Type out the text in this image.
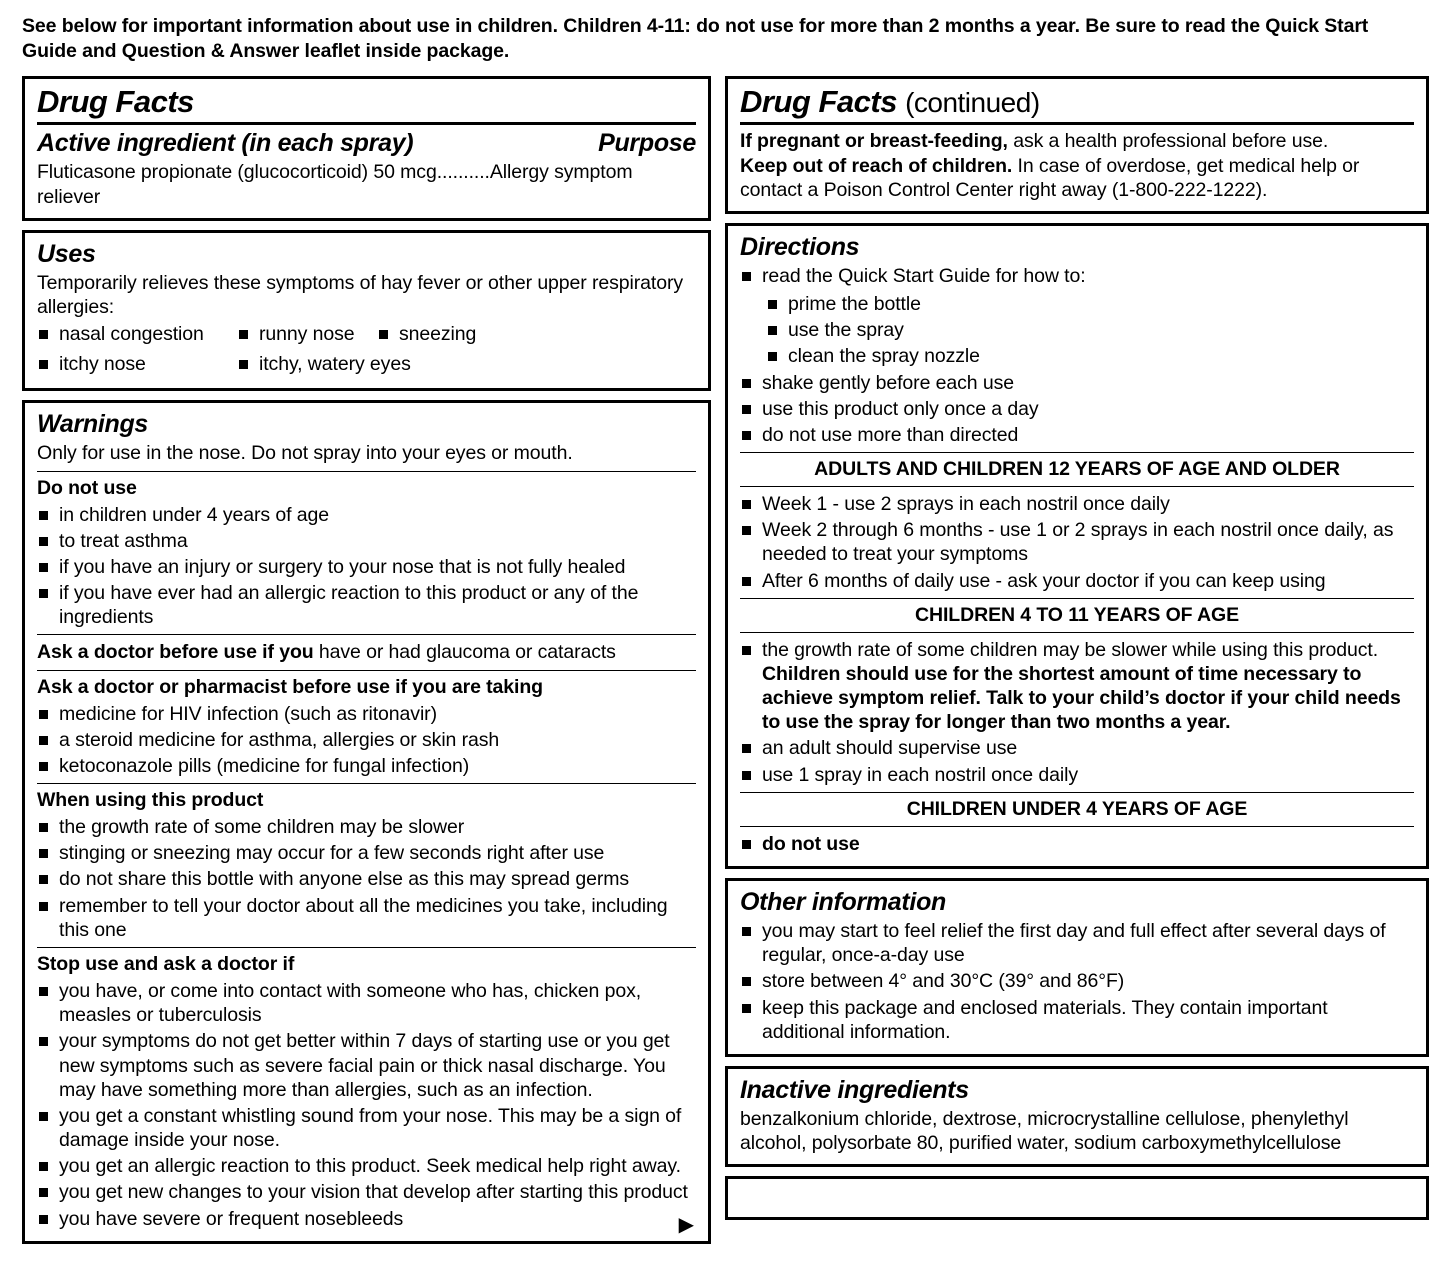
See below for important information about use in children. Children 4-11: do not use for more than 2 months a year. Be sure to read the Quick Start Guide and Question & Answer leaflet inside package.
Drug Facts
Active ingredient (in each spray)	Purpose
Fluticasone propionate (glucocorticoid) 50 mcg..........Allergy symptom reliever
Uses
Temporarily relieves these symptoms of hay fever or other upper respiratory allergies:
nasal congestion	runny nose	sneezing
itchy nose	itchy, watery eyes
Warnings
Only for use in the nose. Do not spray into your eyes or mouth.
Do not use
in children under 4 years of age
to treat asthma
if you have an injury or surgery to your nose that is not fully healed
if you have ever had an allergic reaction to this product or any of the ingredients
Ask a doctor before use if you have or had glaucoma or cataracts
Ask a doctor or pharmacist before use if you are taking
medicine for HIV infection (such as ritonavir)
a steroid medicine for asthma, allergies or skin rash
ketoconazole pills (medicine for fungal infection)
When using this product
the growth rate of some children may be slower
stinging or sneezing may occur for a few seconds right after use
do not share this bottle with anyone else as this may spread germs
remember to tell your doctor about all the medicines you take, including this one
Stop use and ask a doctor if
you have, or come into contact with someone who has, chicken pox, measles or tuberculosis
your symptoms do not get better within 7 days of starting use or you get new symptoms such as severe facial pain or thick nasal discharge. You may have something more than allergies, such as an infection.
you get a constant whistling sound from your nose. This may be a sign of damage inside your nose.
you get an allergic reaction to this product. Seek medical help right away.
you get new changes to your vision that develop after starting this product
you have severe or frequent nosebleeds	▶
Drug Facts (continued)
If pregnant or breast-feeding, ask a health professional before use.
Keep out of reach of children. In case of overdose, get medical help or contact a Poison Control Center right away (1-800-222-1222).
Directions
read the Quick Start Guide for how to:
prime the bottle
use the spray
clean the spray nozzle
shake gently before each use
use this product only once a day
do not use more than directed
ADULTS AND CHILDREN 12 YEARS OF AGE AND OLDER
Week 1 - use 2 sprays in each nostril once daily
Week 2 through 6 months - use 1 or 2 sprays in each nostril once daily, as needed to treat your symptoms
After 6 months of daily use - ask your doctor if you can keep using
CHILDREN 4 TO 11 YEARS OF AGE
the growth rate of some children may be slower while using this product. Children should use for the shortest amount of time necessary to achieve symptom relief. Talk to your child’s doctor if your child needs to use the spray for longer than two months a year.
an adult should supervise use
use 1 spray in each nostril once daily
CHILDREN UNDER 4 YEARS OF AGE
do not use
Other information
you may start to feel relief the first day and full effect after several days of regular, once-a-day use
store between 4° and 30°C (39° and 86°F)
keep this package and enclosed materials. They contain important additional information.
Inactive ingredients
benzalkonium chloride, dextrose, microcrystalline cellulose, phenylethyl alcohol, polysorbate 80, purified water, sodium carboxymethylcellulose
